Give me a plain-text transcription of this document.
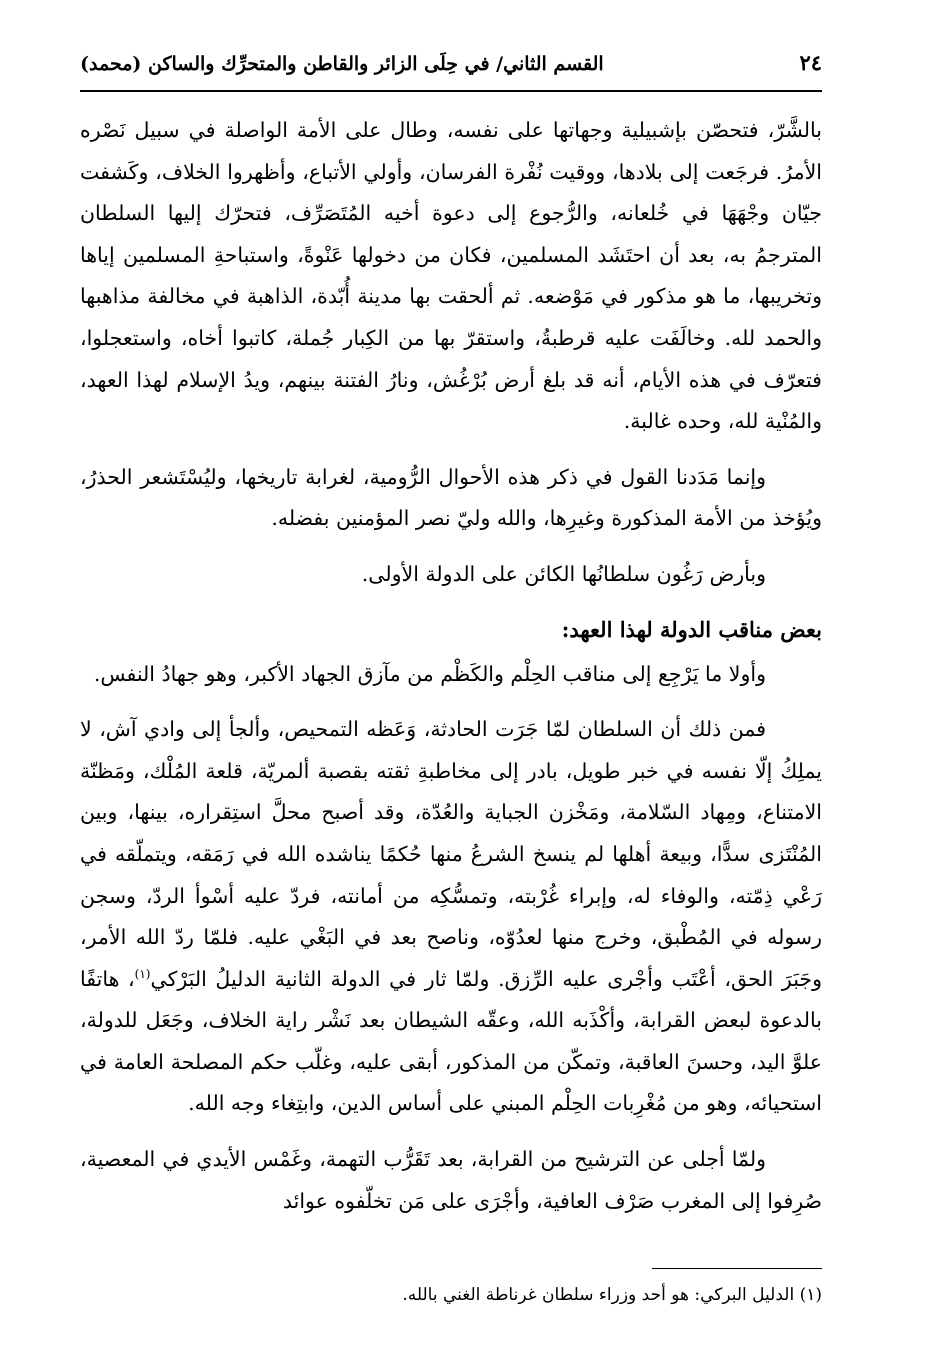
٢٤
القسم الثاني/ في حِلَى الزائر والقاطن والمتحرِّك والساكن (محمد)

بالشَّرّ، فتحصّن بإشبيلية وجهاتها على نفسه، وطال على الأمة الواصلة في سبيل نَصْره الأمرُ. فرجَعت إلى بلادها، ووقيت نُفْرة الفرسان، وأولي الأتباع، وأظهروا الخلاف، وكَشفت جيّان وجْهَهَا في خُلعانه، والرُّجوع إلى دعوة أخيه المُتَصَرِّف، فتحرّك إليها السلطان المترجمُ به، بعد أن احتَشَد المسلمين، فكان من دخولها عَنْوةً، واستباحةِ المسلمين إياها وتخريبها، ما هو مذكور في مَوْضعه. ثم ألحقت بها مدينة أُبّدة، الذاهبة في مخالفة مذاهبها والحمد لله. وخالَفَت عليه قرطبةُ، واستقرّ بها من الكِبار جُملة، كاتبوا أخاه، واستعجلوا، فتعرّف في هذه الأيام، أنه قد بلغ أرض بُرْغُش، ونارُ الفتنة بينهم، ويدُ الإسلام لهذا العهد، والمُنْية لله، وحده غالبة.

وإنما مَدَدنا القول في ذكر هذه الأحوال الرُّومية، لغرابة تاريخها، وليُسْتَشعر الحذرُ، ويُؤخذ من الأمة المذكورة وغيرِها، والله وليّ نصر المؤمنين بفضله.

وبأرض رَغُون سلطانُها الكائن على الدولة الأولى.

بعض مناقب الدولة لهذا العهد:

وأولا ما يَرْجِع إلى مناقب الحِلْم والكَظْم من مآزق الجهاد الأكبر، وهو جهادُ النفس.

فمن ذلك أن السلطان لمّا جَرَت الحادثة، وَعَظه التمحيص، وألجأ إلى وادي آش، لا يملِكُ إلّا نفسه في خبر طويل، بادر إلى مخاطبةِ ثقته بقصبة ألمريّة، قلعة المُلْك، ومَظنّة الامتناع، ومِهاد السّلامة، ومَخْزن الجباية والعُدّة، وقد أصبح محلَّ استِقراره، بينها، وبين المُنْتَزى سدًّا، وبيعة أهلها لم ينسخ الشرعُ منها حُكمًا يناشده الله في رَمَقه، ويتملّقه في رَعْي ذِمّته، والوفاء له، وإبراء غُرْبته، وتمسُّكِه من أمانته، فردّ عليه أسْوأ الردّ، وسجن رسوله في المُطْبق، وخرج منها لعدُوّه، وناصح بعد في البَغْي عليه. فلمّا ردّ الله الأمر، وجَبَرَ الحق، أعْتَب وأجْرى عليه الرِّزق. ولمّا ثار في الدولة الثانية الدليلُ البَرْكي$^{(١)}$، هاتفًا بالدعوة لبعض القرابة، وأكْذَبه الله، وعقّه الشيطان بعد نَشْر راية الخلاف، وجَعَل للدولة، علوَّ اليد، وحسنَ العاقبة، وتمكّن من المذكور، أبقى عليه، وغلّب حكم المصلحة العامة في استحيائه، وهو من مُغْرِبات الحِلْم المبني على أساس الدين، وابتِغاء وجه الله.

ولمّا أجلى عن الترشيح من القرابة، بعد تَقَرُّب التهمة، وغَمْس الأيدي في المعصية، صُرِفوا إلى المغرب صَرْف العافية، وأجْرَى على مَن تخلّفوه عوائد

(١) الدليل البركي: هو أحد وزراء سلطان غرناطة الغني بالله.
